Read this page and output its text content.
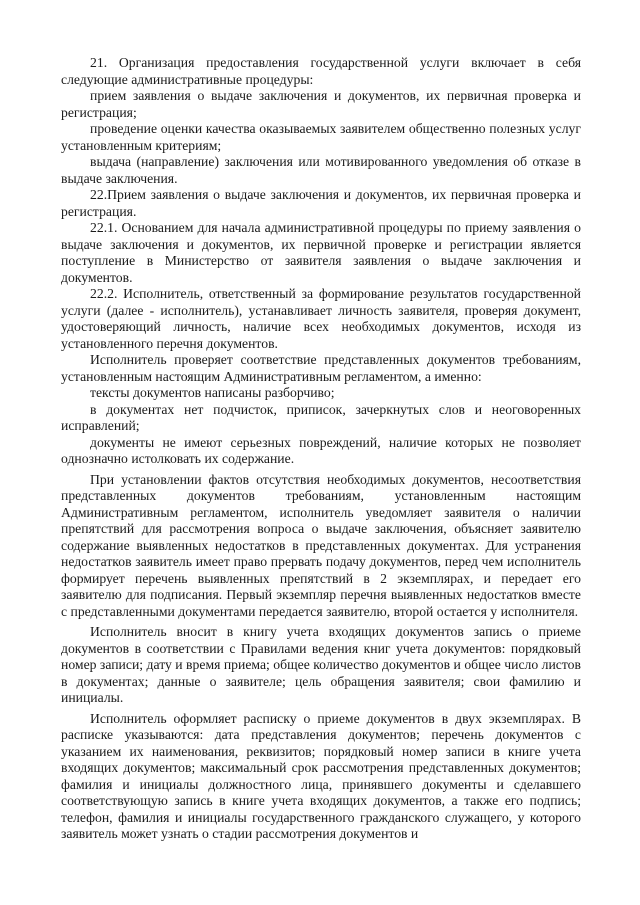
21. Организация предоставления государственной услуги включает в себя следующие административные процедуры:

прием заявления о выдаче заключения и документов, их первичная проверка и регистрация;

проведение оценки качества оказываемых заявителем общественно полезных услуг установленным критериям;

выдача (направление) заключения или мотивированного уведомления об отказе в выдаче заключения.

22.Прием заявления о выдаче заключения и документов, их первичная проверка и регистрация.

22.1. Основанием для начала административной процедуры по приему заявления о выдаче заключения и документов, их первичной проверке и регистрации является поступление в Министерство от заявителя заявления о выдаче заключения и документов.

22.2. Исполнитель, ответственный за формирование результатов государственной услуги (далее - исполнитель), устанавливает личность заявителя, проверяя документ, удостоверяющий личность, наличие всех необходимых документов, исходя из установленного перечня документов.

Исполнитель проверяет соответствие представленных документов требованиям, установленным настоящим Административным регламентом, а именно:

тексты документов написаны разборчиво;

в документах нет подчисток, приписок, зачеркнутых слов и неоговоренных исправлений;

документы не имеют серьезных повреждений, наличие которых не позволяет однозначно истолковать их содержание.

При установлении фактов отсутствия необходимых документов, несоответствия представленных документов требованиям, установленным настоящим Административным регламентом, исполнитель уведомляет заявителя о наличии препятствий для рассмотрения вопроса о выдаче заключения, объясняет заявителю содержание выявленных недостатков в представленных документах. Для устранения недостатков заявитель имеет право прервать подачу документов, перед чем исполнитель формирует перечень выявленных препятствий в 2 экземплярах, и передает его заявителю для подписания. Первый экземпляр перечня выявленных недостатков вместе с представленными документами передается заявителю, второй остается у исполнителя.

Исполнитель вносит в книгу учета входящих документов запись о приеме документов в соответствии с Правилами ведения книг учета документов: порядковый номер записи; дату и время приема; общее количество документов и общее число листов в документах; данные о заявителе; цель обращения заявителя; свои фамилию и инициалы.

Исполнитель оформляет расписку о приеме документов в двух экземплярах. В расписке указываются: дата представления документов; перечень документов с указанием их наименования, реквизитов; порядковый номер записи в книге учета входящих документов; максимальный срок рассмотрения представленных документов; фамилия и инициалы должностного лица, принявшего документы и сделавшего соответствующую запись в книге учета входящих документов, а также его подпись; телефон, фамилия и инициалы государственного гражданского служащего, у которого заявитель может узнать о стадии рассмотрения документов и
